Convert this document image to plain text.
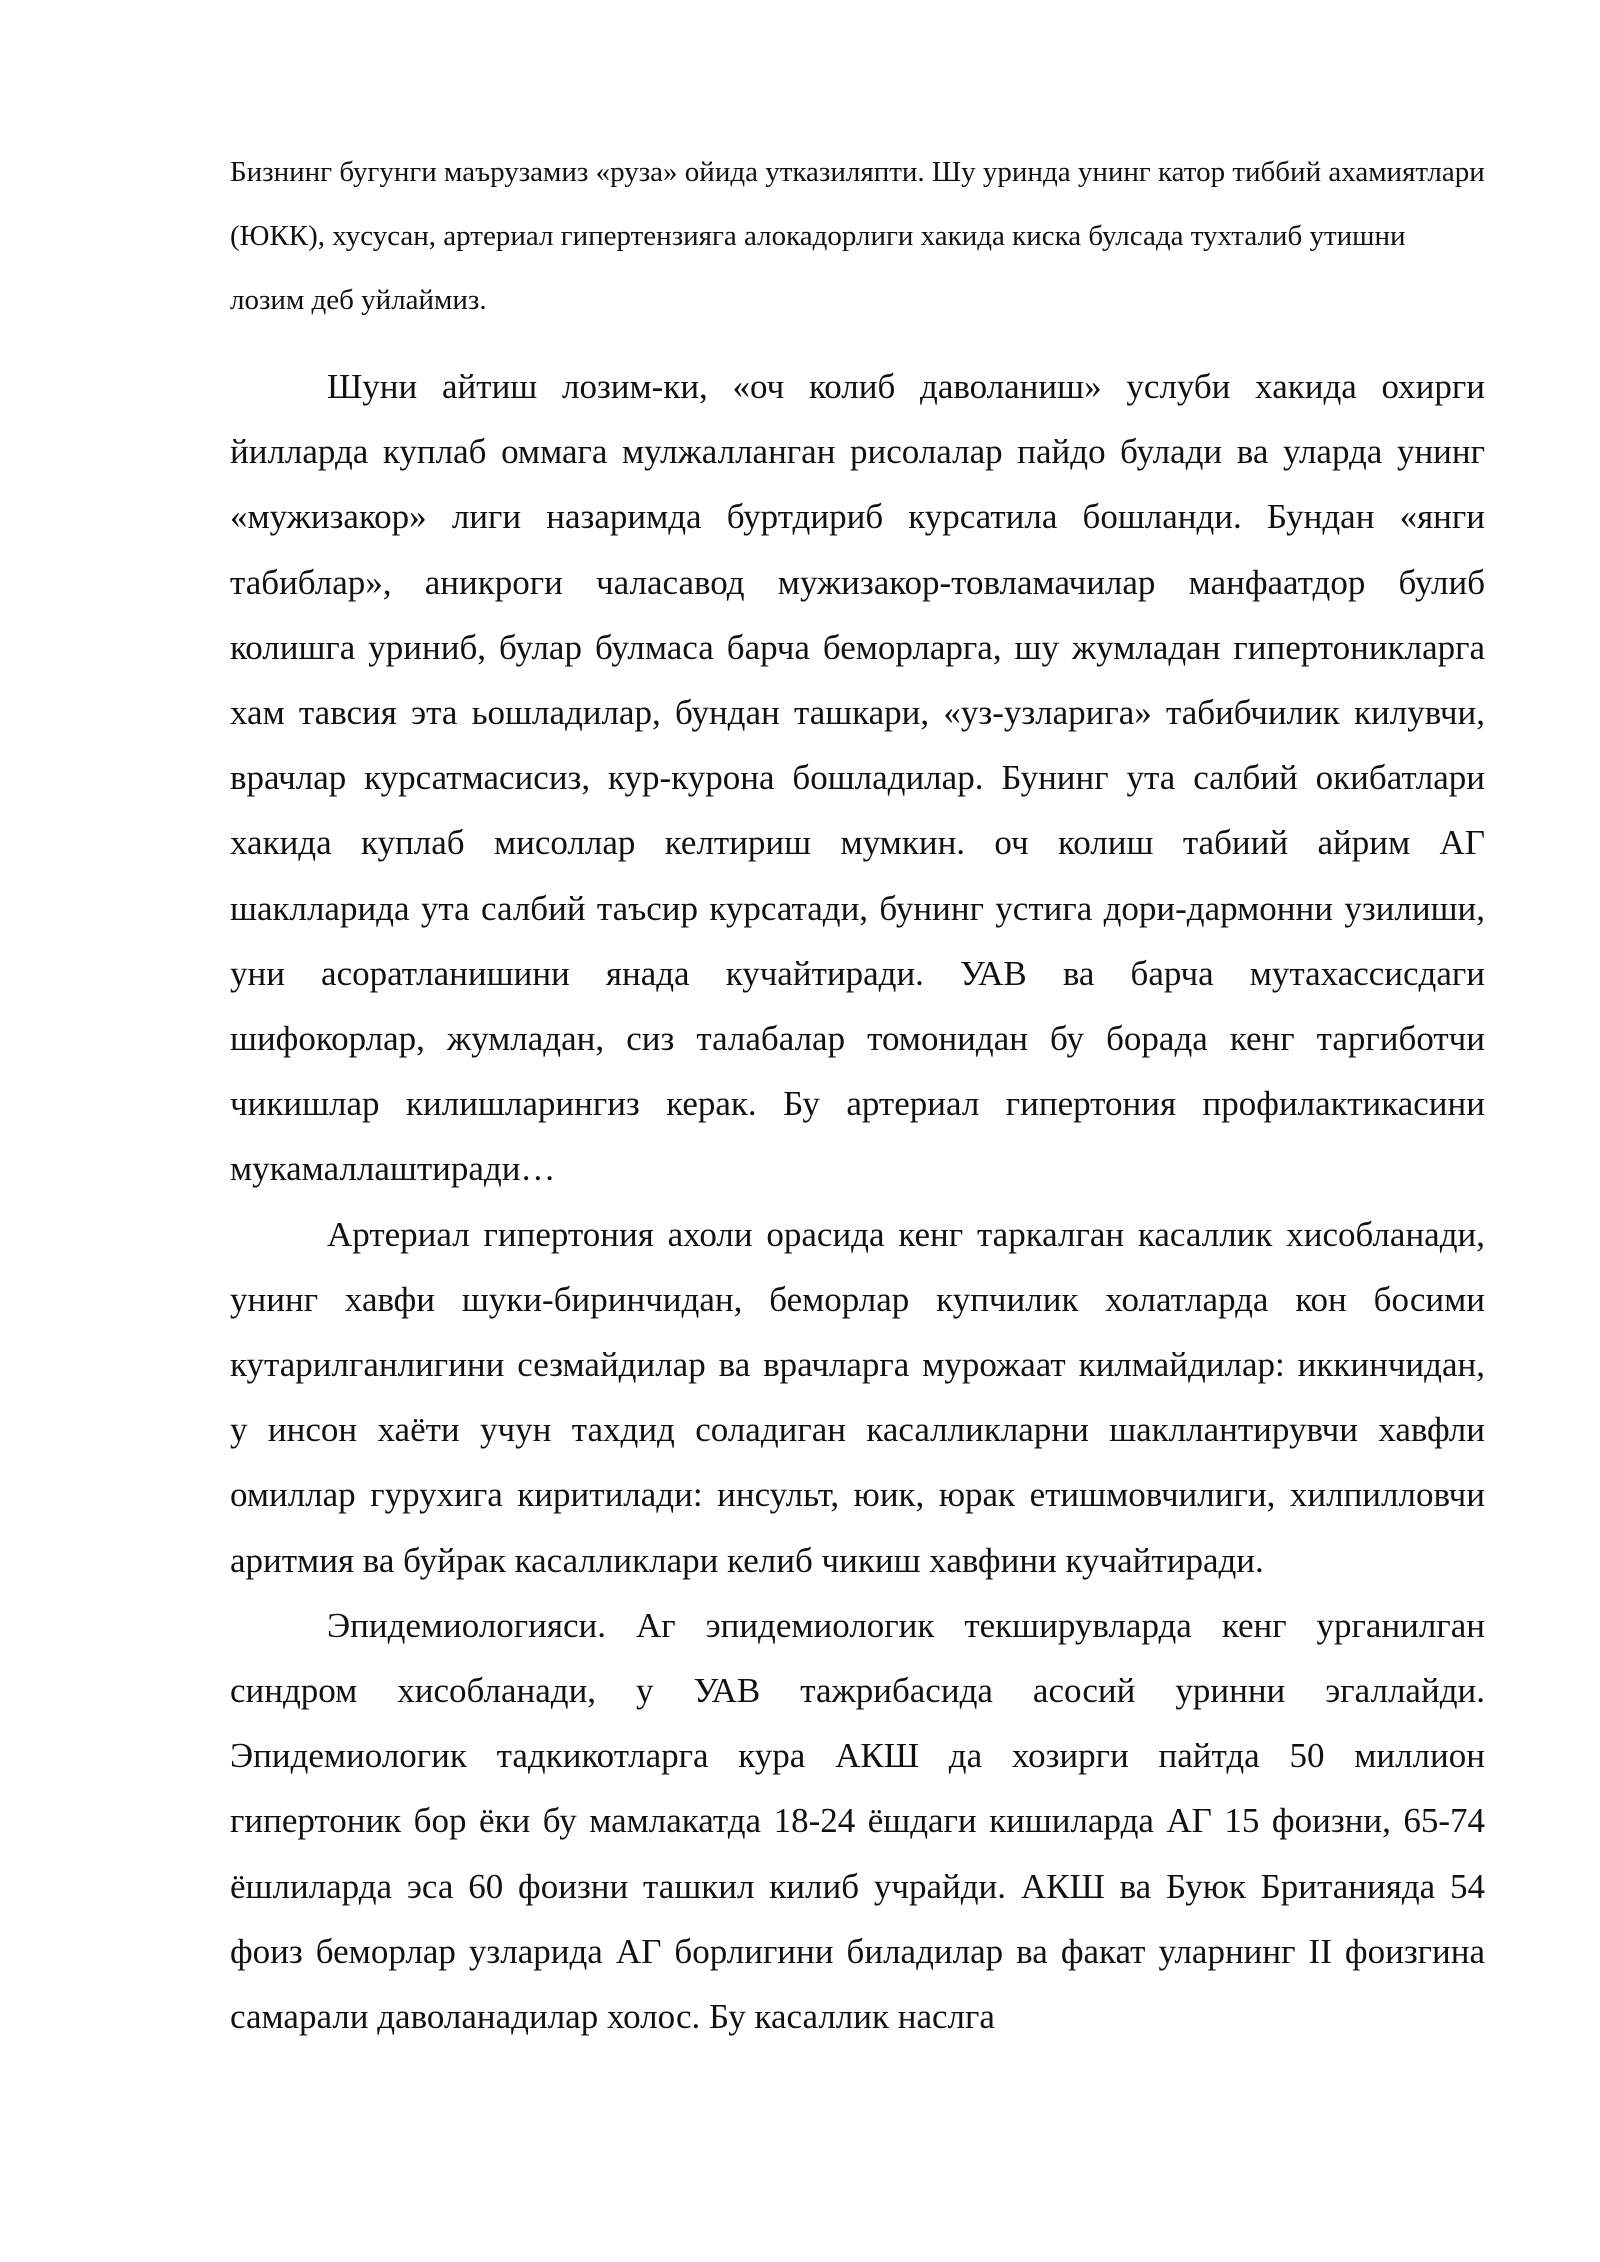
Бизнинг бугунги маърузамиз «руза» ойида утказиляпти. Шу уринда унинг катор тиббий ахамиятлари (ЮКК), хусусан, артериал гипертензияга алокадорлиги хакида киска булсада тухталиб утишни лозим деб уйлаймиз.

Шуни айтиш лозим-ки, «оч колиб даволаниш» услуби хакида охирги йилларда куплаб оммага мулжалланган рисолалар пайдо булади ва уларда унинг «мужизакор» лиги назаримда буртдириб курсатила бошланди. Бундан «янги табиблар», аникроги чаласавод мужизакор-товламачилар манфаатдор булиб колишга уриниб, булар булмаса барча беморларга, шу жумладан гипертоникларга хам тавсия эта ьошладилар, бундан ташкари, «уз-узларига» табибчилик килувчи, врачлар курсатмасисиз, кур-курона бошладилар. Бунинг ута салбий окибатлари хакида куплаб мисоллар келтириш мумкин. оч колиш табиий айрим АГ шаклларида ута салбий таъсир курсатади, бунинг устига дори-дармонни узилиши, уни асоратланишини янада кучайтиради. УАВ ва барча мутахассисдаги шифокорлар, жумладан, сиз талабалар томонидан бу борада кенг таргиботчи чикишлар килишларингиз керак. Бу артериал гипертония профилактикасини мукамаллаштиради…

Артериал гипертония ахоли орасида кенг таркалган касаллик хисобланади, унинг хавфи шуки-биринчидан, беморлар купчилик холатларда кон босими кутарилганлигини сезмайдилар ва врачларга мурожаат килмайдилар: иккинчидан, у инсон хаёти учун тахдид соладиган касалликларни шакллантирувчи хавфли омиллар гурухига киритилади: инсульт, юик, юрак етишмовчилиги, хилпилловчи аритмия ва буйрак касалликлари келиб чикиш хавфини кучайтиради.

Эпидемиологияси. Аг эпидемиологик текширувларда кенг урганилган синдром хисобланади, у УАВ тажрибасида асосий уринни эгаллайди. Эпидемиологик тадкикотларга кура АКШ да хозирги пайтда 50 миллион гипертоник бор ёки бу мамлакатда 18-24 ёшдаги кишиларда АГ 15 фоизни, 65-74 ёшлиларда эса 60 фоизни ташкил килиб учрайди. АКШ ва Буюк Британияда 54 фоиз беморлар узларида АГ борлигини биладилар ва факат уларнинг II фоизгина самарали даволанадилар холос. Бу касаллик наслга
